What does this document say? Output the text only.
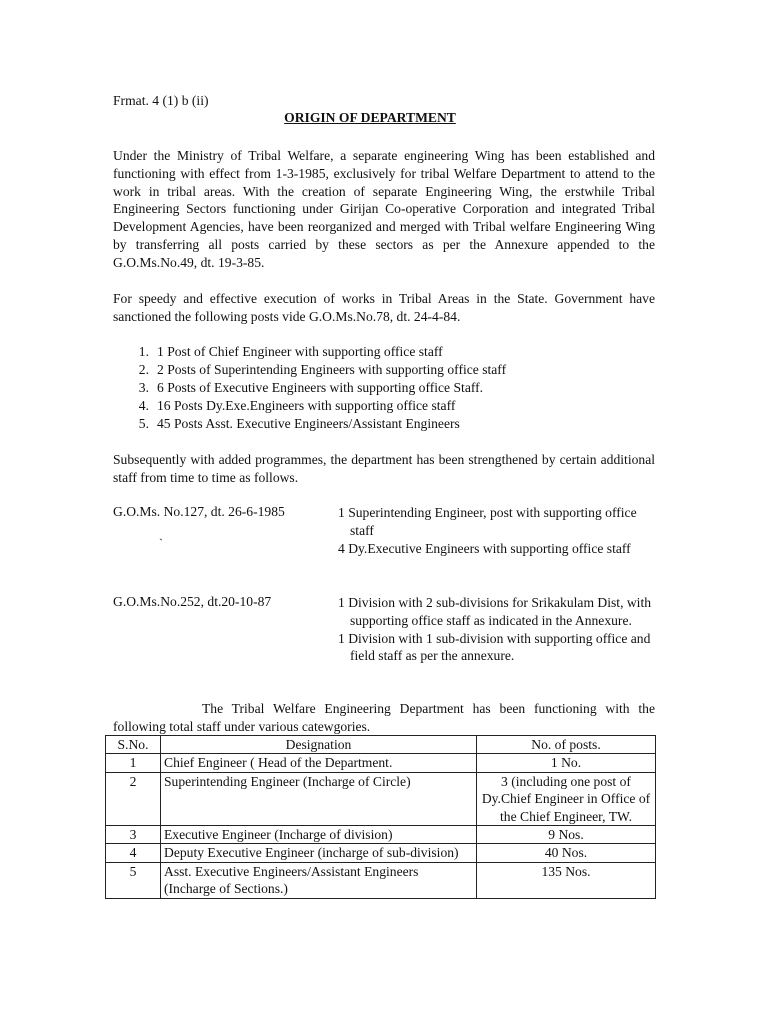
Frmat. 4 (1) b (ii)
ORIGIN OF DEPARTMENT
Under the Ministry of Tribal Welfare, a separate engineering Wing has been established and functioning with effect from 1-3-1985, exclusively for tribal Welfare Department to attend to the work in tribal areas. With the creation of separate Engineering Wing, the erstwhile Tribal Engineering Sectors functioning under Girijan Co-operative Corporation and integrated Tribal Development Agencies, have been reorganized and merged with Tribal welfare Engineering Wing by transferring all posts carried by these sectors as per the Annexure appended to the G.O.Ms.No.49, dt. 19-3-85.
For speedy and effective execution of works in Tribal Areas in the State. Government have sanctioned the following posts vide G.O.Ms.No.78, dt. 24-4-84.
1. 1 Post of Chief Engineer with supporting office staff
2. 2 Posts of Superintending Engineers with supporting office staff
3. 6 Posts of Executive Engineers with supporting office Staff.
4. 16 Posts Dy.Exe.Engineers with supporting office staff
5. 45 Posts Asst. Executive Engineers/Assistant Engineers
Subsequently with added programmes, the department has been strengthened by certain additional staff from time to time as follows.
G.O.Ms. No.127, dt. 26-6-1985	1 Superintending Engineer, post with supporting office staff
4 Dy.Executive Engineers with supporting office staff
`
G.O.Ms.No.252, dt.20-10-87	1 Division with 2 sub-divisions for Srikakulam Dist, with supporting office staff as indicated in the Annexure.
1 Division with 1 sub-division with supporting office and field staff as per the annexure.
The Tribal Welfare Engineering Department has been functioning with the following total staff under various catewgories.
S.No.	Designation	No. of posts.
1	Chief Engineer ( Head of the Department.	1 No.
2	Superintending Engineer (Incharge of Circle)	3 (including one post of Dy.Chief Engineer in Office of the Chief Engineer, TW.
3	Executive Engineer (Incharge of division)	9 Nos.
4	Deputy Executive Engineer (incharge of sub-division)	40 Nos.
5	Asst. Executive Engineers/Assistant Engineers (Incharge of Sections.)	135 Nos.
